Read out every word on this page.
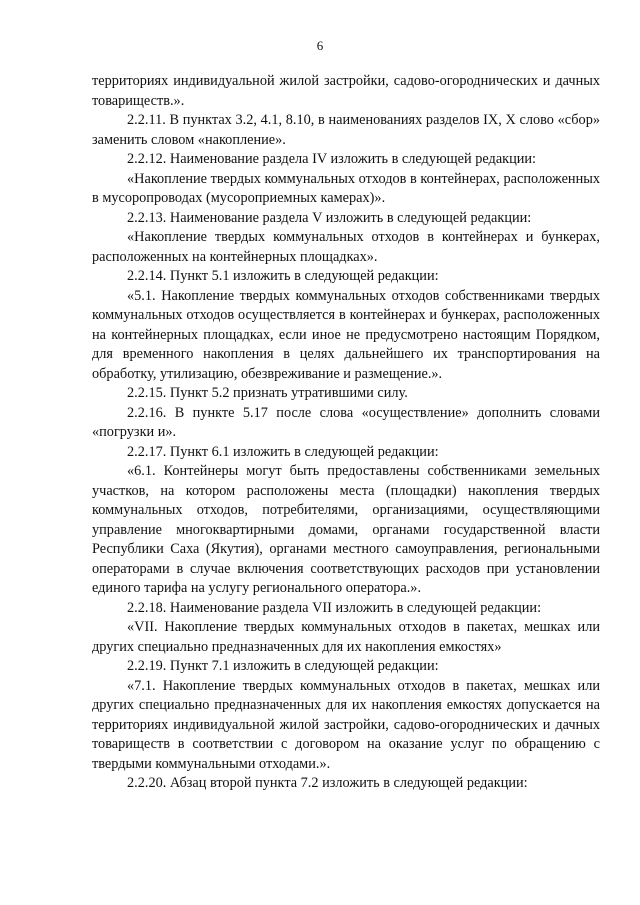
6

территориях индивидуальной жилой застройки, садово-огороднических и дачных товариществ.».

2.2.11. В пунктах 3.2, 4.1, 8.10, в наименованиях разделов IX, X слово «сбор» заменить словом «накопление».

2.2.12. Наименование раздела IV изложить в следующей редакции:

«Накопление твердых коммунальных отходов в контейнерах, расположенных в мусоропроводах (мусороприемных камерах)».

2.2.13. Наименование раздела V изложить в следующей редакции:

«Накопление твердых коммунальных отходов в контейнерах и бункерах, расположенных на контейнерных площадках».

2.2.14. Пункт 5.1 изложить в следующей редакции:

«5.1. Накопление твердых коммунальных отходов собственниками твердых коммунальных отходов осуществляется в контейнерах и бункерах, расположенных на контейнерных площадках, если иное не предусмотрено настоящим Порядком, для временного накопления в целях дальнейшего их транспортирования на обработку, утилизацию, обезвреживание и размещение.».

2.2.15. Пункт 5.2 признать утратившими силу.

2.2.16. В пункте 5.17 после слова «осуществление» дополнить словами «погрузки и».

2.2.17. Пункт 6.1 изложить в следующей редакции:

«6.1. Контейнеры могут быть предоставлены собственниками земельных участков, на котором расположены места (площадки) накопления твердых коммунальных отходов, потребителями, организациями, осуществляющими управление многоквартирными домами, органами государственной власти Республики Саха (Якутия), органами местного самоуправления, региональными операторами в случае включения соответствующих расходов при установлении единого тарифа на услугу регионального оператора.».

2.2.18. Наименование раздела VII изложить в следующей редакции:

«VII. Накопление твердых коммунальных отходов в пакетах, мешках или других специально предназначенных для их накопления емкостях»

2.2.19. Пункт 7.1 изложить в следующей редакции:

«7.1. Накопление твердых коммунальных отходов в пакетах, мешках или других специально предназначенных для их накопления емкостях допускается на территориях индивидуальной жилой застройки, садово-огороднических и дачных товариществ в соответствии с договором на оказание услуг по обращению с твердыми коммунальными отходами.».

2.2.20. Абзац второй пункта 7.2 изложить в следующей редакции:
